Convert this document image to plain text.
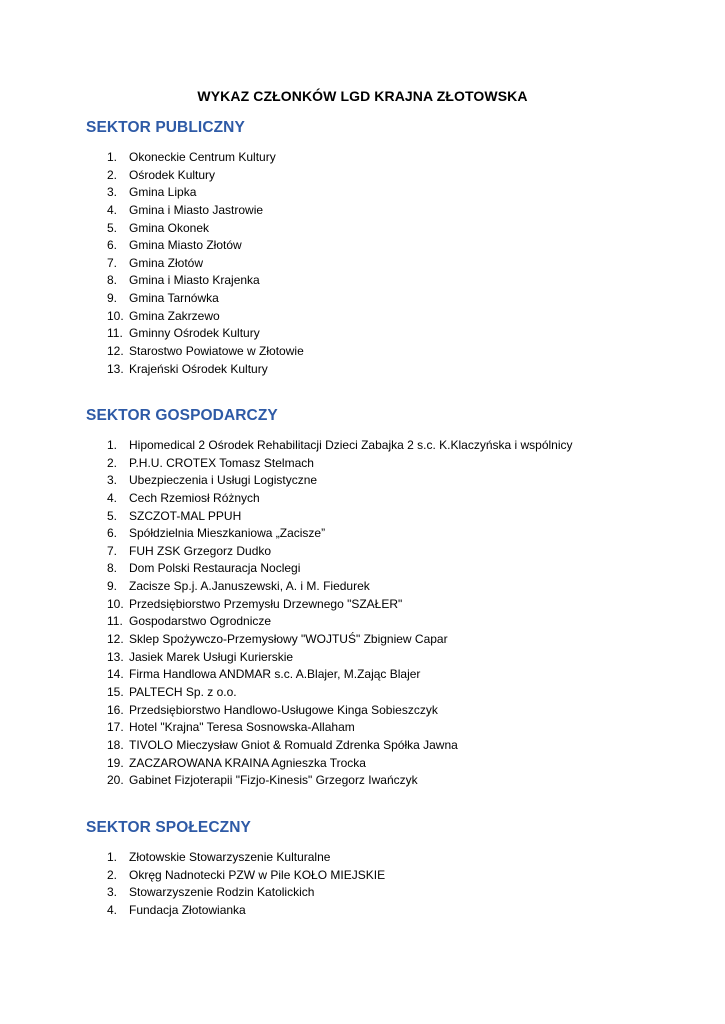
WYKAZ CZŁONKÓW LGD KRAJNA ZŁOTOWSKA
SEKTOR PUBLICZNY
1. Okoneckie Centrum Kultury
2. Ośrodek Kultury
3. Gmina Lipka
4. Gmina i Miasto Jastrowie
5. Gmina Okonek
6. Gmina Miasto Złotów
7. Gmina Złotów
8. Gmina i Miasto Krajenka
9. Gmina Tarnówka
10. Gmina Zakrzewo
11. Gminny Ośrodek Kultury
12. Starostwo Powiatowe w Złotowie
13. Krajeński Ośrodek Kultury
SEKTOR GOSPODARCZY
1. Hipomedical 2 Ośrodek Rehabilitacji Dzieci Zabajka 2 s.c. K.Klaczyńska i wspólnicy
2. P.H.U. CROTEX Tomasz Stelmach
3. Ubezpieczenia i Usługi Logistyczne
4. Cech Rzemiosł Różnych
5. SZCZOT-MAL PPUH
6. Spółdzielnia Mieszkaniowa „Zacisze”
7. FUH ZSK Grzegorz Dudko
8. Dom Polski Restauracja Noclegi
9. Zacisze Sp.j. A.Januszewski, A. i M. Fiedurek
10. Przedsiębiorstwo Przemysłu Drzewnego "SZAŁER"
11. Gospodarstwo Ogrodnicze
12. Sklep Spożywczo-Przemysłowy "WOJTUŚ" Zbigniew Capar
13. Jasiek Marek Usługi Kurierskie
14. Firma Handlowa ANDMAR s.c. A.Blajer, M.Zając Blajer
15. PALTECH Sp. z o.o.
16. Przedsiębiorstwo Handlowo-Usługowe Kinga Sobieszczyk
17. Hotel "Krajna" Teresa Sosnowska-Allaham
18. TIVOLO Mieczysław Gniot & Romuald Zdrenka Spółka Jawna
19. ZACZAROWANA KRAINA Agnieszka Trocka
20. Gabinet Fizjoterapii "Fizjo-Kinesis" Grzegorz Iwańczyk
SEKTOR SPOŁECZNY
1. Złotowskie Stowarzyszenie Kulturalne
2. Okręg Nadnotecki PZW w Pile KOŁO MIEJSKIE
3. Stowarzyszenie Rodzin Katolickich
4. Fundacja Złotowianka
